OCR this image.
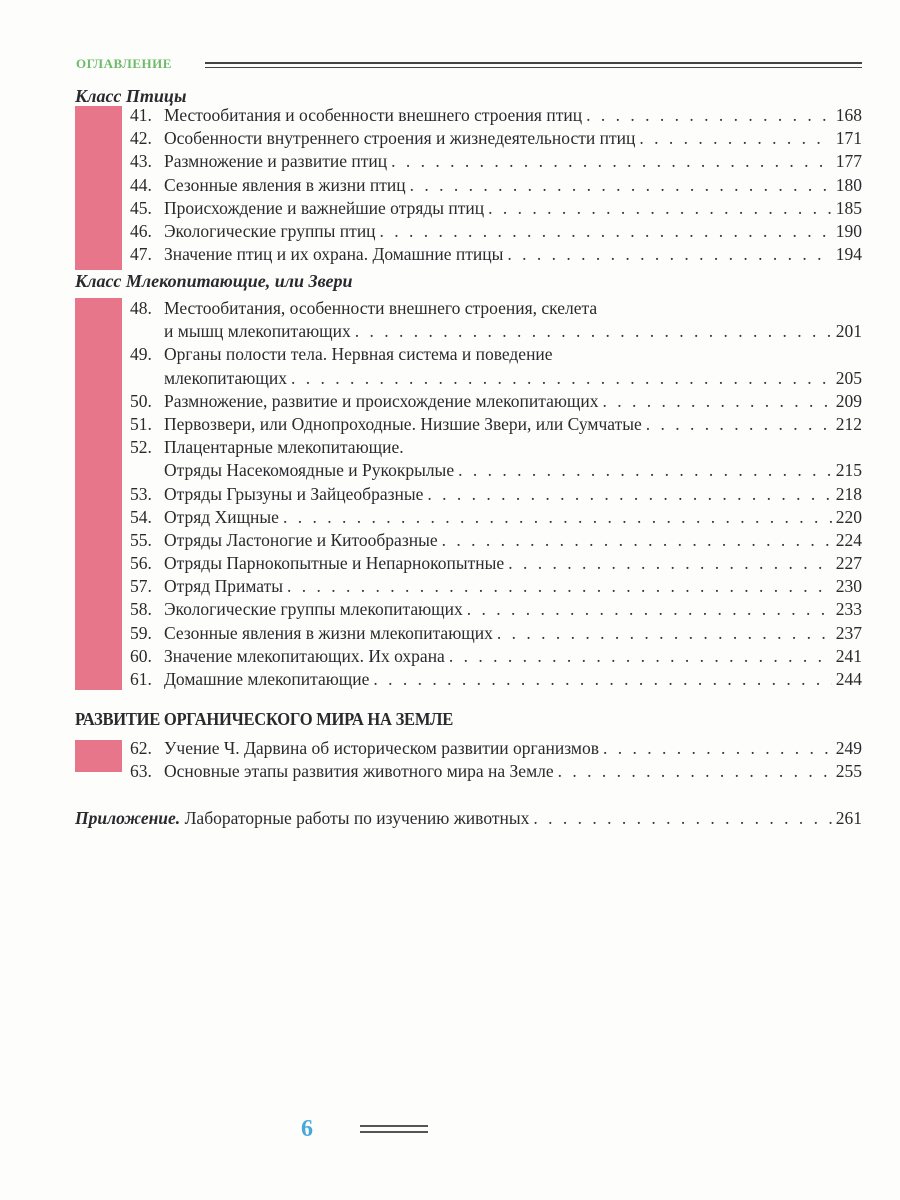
ОГЛАВЛЕНИЕ
Класс Птицы
41. Местообитания и особенности внешнего строения птиц . . .	168
42. Особенности внутреннего строения и жизнедеятельности птиц . . .	171
43. Размножение и развитие птиц . . .	177
44. Сезонные явления в жизни птиц . . .	180
45. Происхождение и важнейшие отряды птиц . . .	185
46. Экологические группы птиц . . .	190
47. Значение птиц и их охрана. Домашние птицы . . .	194
Класс Млекопитающие, или Звери
48. Местообитания, особенности внешнего строения, скелета
и мышц млекопитающих . . .	201
49. Органы полости тела. Нервная система и поведение
млекопитающих . . .	205
50. Размножение, развитие и происхождение млекопитающих . . .	209
51. Первозвери, или Однопроходные. Низшие Звери, или Сумчатые . . .	212
52. Плацентарные млекопитающие.
Отряды Насекомоядные и Рукокрылые . . .	215
53. Отряды Грызуны и Зайцеобразные . . .	218
54. Отряд Хищные . . .	220
55. Отряды Ластоногие и Китообразные . . .	224
56. Отряды Парнокопытные и Непарнокопытные . . .	227
57. Отряд Приматы . . .	230
58. Экологические группы млекопитающих . . .	233
59. Сезонные явления в жизни млекопитающих . . .	237
60. Значение млекопитающих. Их охрана . . .	241
61. Домашние млекопитающие . . .	244
РАЗВИТИЕ ОРГАНИЧЕСКОГО МИРА НА ЗЕМЛЕ
62. Учение Ч. Дарвина об историческом развитии организмов . . .	249
63. Основные этапы развития животного мира на Земле . . .	255
Приложение.
Лабораторные работы по изучению животных . . .	261
6
